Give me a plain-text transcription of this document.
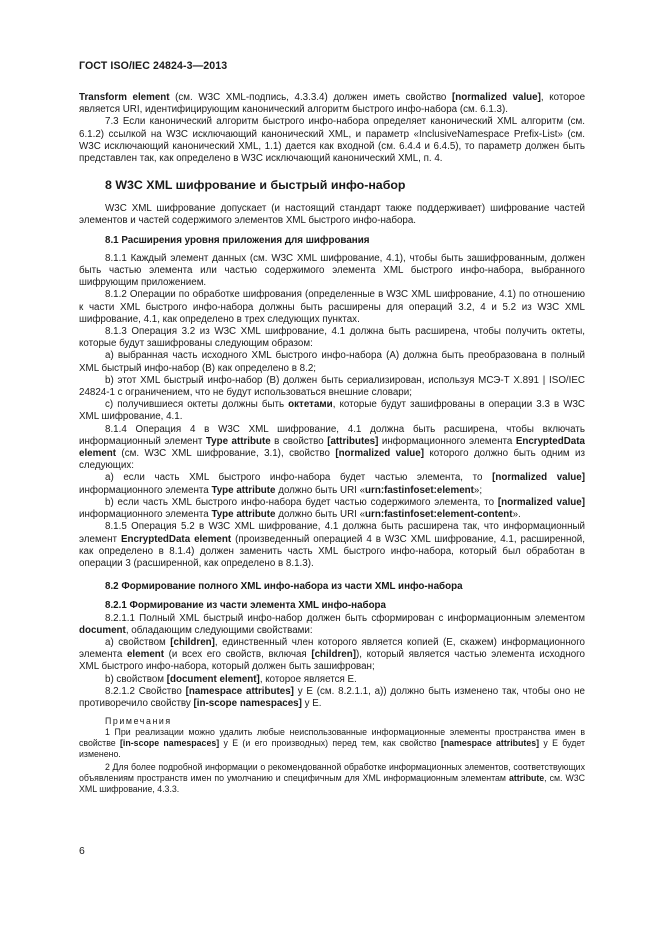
ГОСТ ISO/IEC 24824-3—2013

Transform element (см. W3C XML-подпись, 4.3.3.4) должен иметь свойство [normalized value], которое является URI, идентифицирующим канонический алгоритм быстрого инфо-набора (см. 6.1.3).

7.3 Если канонический алгоритм быстрого инфо-набора определяет канонический XML алгоритм (см. 6.1.2) ссылкой на W3C исключающий канонический XML, и параметр «InclusiveNamespace Prefix-List» (см. W3C исключающий канонический XML, 1.1) дается как входной (см. 6.4.4 и 6.4.5), то параметр должен быть представлен так, как определено в W3C исключающий канонический XML, п. 4.

8 W3C XML шифрование и быстрый инфо-набор

W3C XML шифрование допускает (и настоящий стандарт также поддерживает) шифрование частей элементов и частей содержимого элементов XML быстрого инфо-набора.

8.1 Расширения уровня приложения для шифрования

8.1.1 Каждый элемент данных (см. W3C XML шифрование, 4.1), чтобы быть зашифрованным, должен быть частью элемента или частью содержимого элемента XML быстрого инфо-набора, выбранного шифрующим приложением.

8.1.2 Операции по обработке шифрования (определенные в W3C XML шифрование, 4.1) по отношению к части XML быстрого инфо-набора должны быть расширены для операций 3.2, 4 и 5.2 из W3C XML шифрование, 4.1, как определено в трех следующих пунктах.

8.1.3 Операция 3.2 из W3C XML шифрование, 4.1 должна быть расширена, чтобы получить октеты, которые будут зашифрованы следующим образом:

a) выбранная часть исходного XML быстрого инфо-набора (A) должна быть преобразована в полный XML быстрый инфо-набор (B) как определено в 8.2;

b) этот XML быстрый инфо-набор (B) должен быть сериализирован, используя МСЭ-Т X.891 | ISO/IEC 24824-1 с ограничением, что не будут использоваться внешние словари;

c) получившиеся октеты должны быть октетами, которые будут зашифрованы в операции 3.3 в W3C XML шифрование, 4.1.

8.1.4 Операция 4 в W3C XML шифрование, 4.1 должна быть расширена, чтобы включать информационный элемент Type attribute в свойство [attributes] информационного элемента EncryptedData element (см. W3C XML шифрование, 3.1), свойство [normalized value] которого должно быть одним из следующих:

a) если часть XML быстрого инфо-набора будет частью элемента, то [normalized value] информационного элемента Type attribute должно быть URI «urn:fastinfoset:element»;

b) если часть XML быстрого инфо-набора будет частью содержимого элемента, то [normalized value] информационного элемента Type attribute должно быть URI «urn:fastinfoset:element-content».

8.1.5 Операция 5.2 в W3C XML шифрование, 4.1 должна быть расширена так, что информационный элемент EncryptedData element (произведенный операцией 4 в W3C XML шифрование, 4.1, расширенной, как определено в 8.1.4) должен заменить часть XML быстрого инфо-набора, который был обработан в операции 3 (расширенной, как определено в 8.1.3).

8.2 Формирование полного XML инфо-набора из части XML инфо-набора

8.2.1 Формирование из части элемента XML инфо-набора

8.2.1.1 Полный XML быстрый инфо-набор должен быть сформирован с информационным элементом document, обладающим следующими свойствами:

a) свойством [children], единственный член которого является копией (E, скажем) информационного элемента element (и всех его свойств, включая [children]), который является частью элемента исходного XML быстрого инфо-набора, который должен быть зашифрован;

b) свойством [document element], которое является E.

8.2.1.2 Свойство [namespace attributes] у E (см. 8.2.1.1, а)) должно быть изменено так, чтобы оно не противоречило свойству [in-scope namespaces] у E.

Примечания

1 При реализации можно удалить любые неиспользованные информационные элементы пространства имен в свойстве [in-scope namespaces] у E (и его производных) перед тем, как свойство [namespace attributes] у E будет изменено.

2 Для более подробной информации о рекомендованной обработке информационных элементов, соответствующих объявлениям пространств имен по умолчанию и специфичным для XML информационным элементам attribute, см. W3C XML шифрование, 4.3.3.

6
